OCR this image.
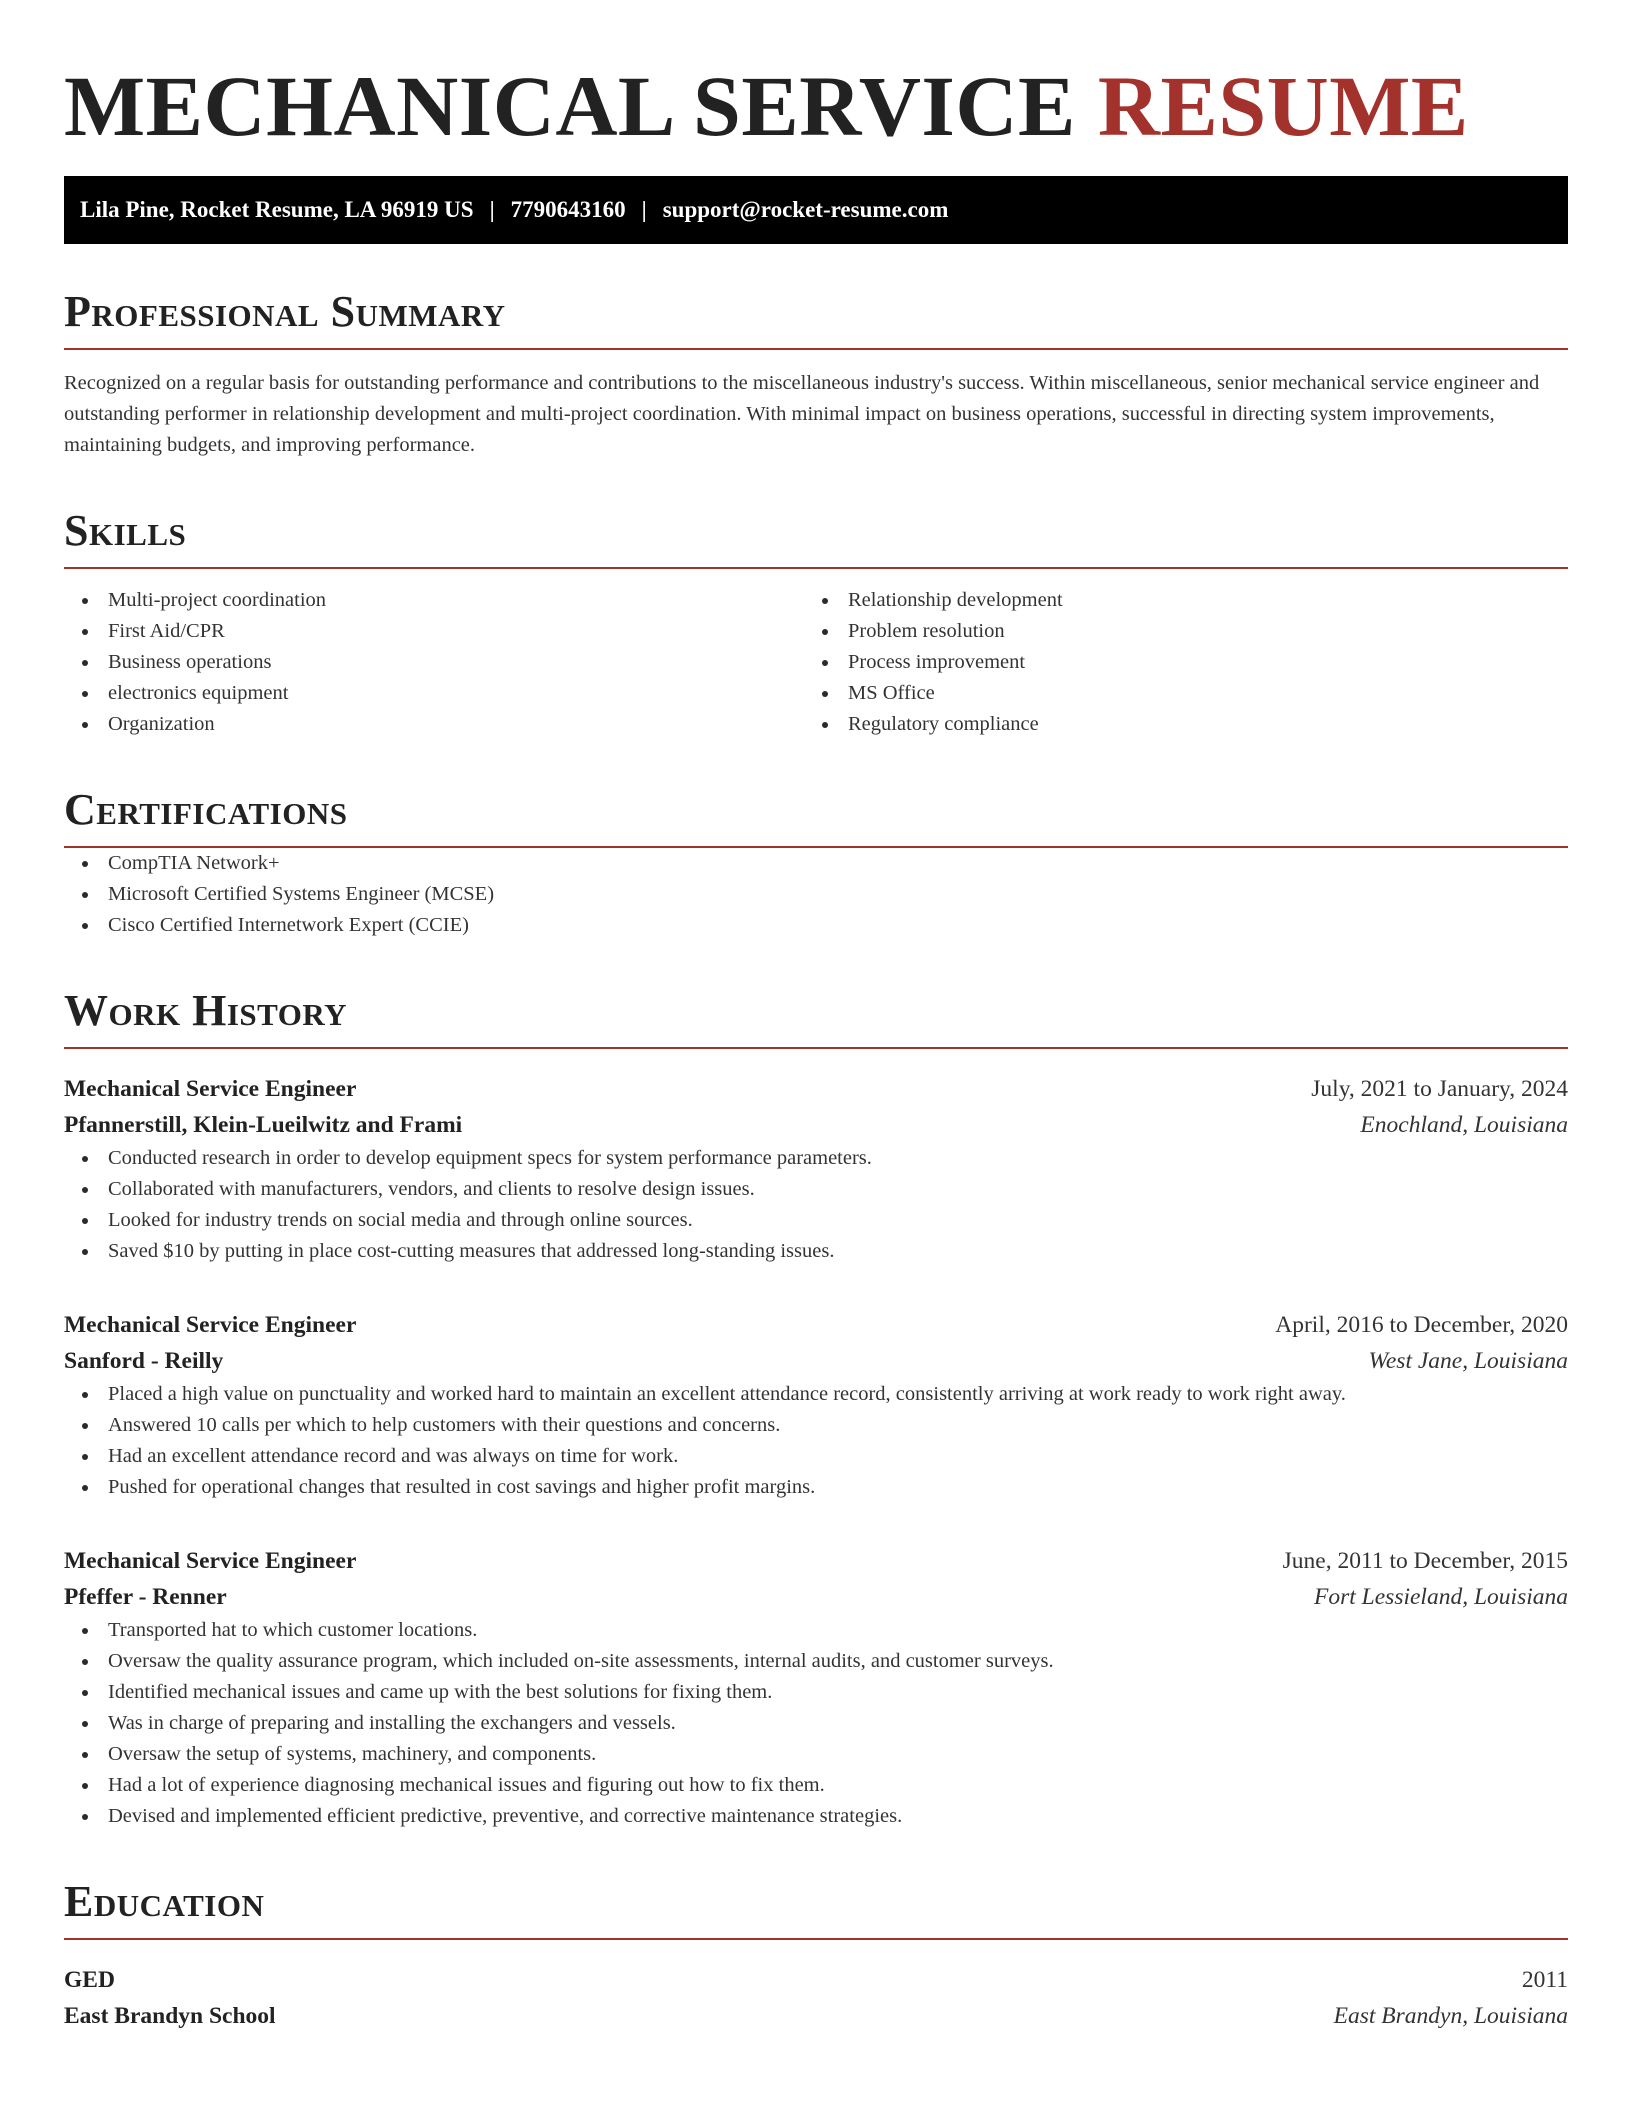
MECHANICAL SERVICE RESUME
Lila Pine, Rocket Resume, LA 96919 US | 7790643160 | support@rocket-resume.com
Professional Summary

Recognized on a regular basis for outstanding performance and contributions to the miscellaneous industry's success. Within miscellaneous, senior mechanical service engineer and outstanding performer in relationship development and multi-project coordination. With minimal impact on business operations, successful in directing system improvements, maintaining budgets, and improving performance.

Skills
Multi-project coordination
First Aid/CPR
Business operations
electronics equipment
Organization
Relationship development
Problem resolution
Process improvement
MS Office
Regulatory compliance
Certifications
CompTIA Network+
Microsoft Certified Systems Engineer (MCSE)
Cisco Certified Internetwork Expert (CCIE)
Work History
Mechanical Service Engineer	July, 2021 to January, 2024
Pfannerstill, Klein-Lueilwitz and Frami	Enochland, Louisiana
Conducted research in order to develop equipment specs for system performance parameters.
Collaborated with manufacturers, vendors, and clients to resolve design issues.
Looked for industry trends on social media and through online sources.
Saved $10 by putting in place cost-cutting measures that addressed long-standing issues.
Mechanical Service Engineer	April, 2016 to December, 2020
Sanford - Reilly	West Jane, Louisiana
Placed a high value on punctuality and worked hard to maintain an excellent attendance record, consistently arriving at work ready to work right away.
Answered 10 calls per which to help customers with their questions and concerns.
Had an excellent attendance record and was always on time for work.
Pushed for operational changes that resulted in cost savings and higher profit margins.
Mechanical Service Engineer	June, 2011 to December, 2015
Pfeffer - Renner	Fort Lessieland, Louisiana
Transported hat to which customer locations.
Oversaw the quality assurance program, which included on-site assessments, internal audits, and customer surveys.
Identified mechanical issues and came up with the best solutions for fixing them.
Was in charge of preparing and installing the exchangers and vessels.
Oversaw the setup of systems, machinery, and components.
Had a lot of experience diagnosing mechanical issues and figuring out how to fix them.
Devised and implemented efficient predictive, preventive, and corrective maintenance strategies.
Education
GED	2011
East Brandyn School	East Brandyn, Louisiana
